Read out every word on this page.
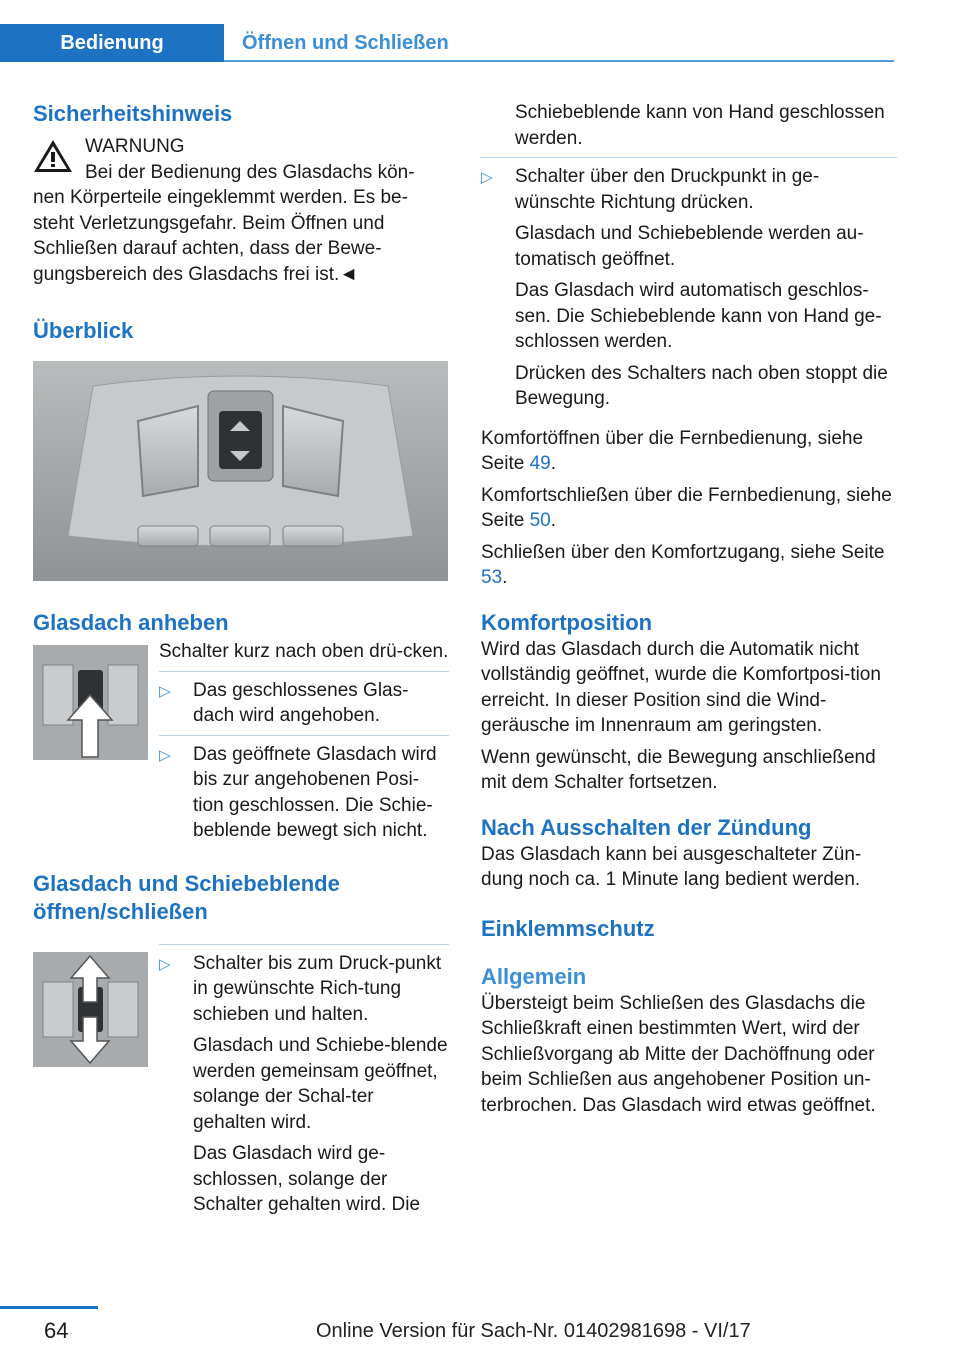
Bedienung	Öffnen und Schließen
Sicherheitshinweis

WARNUNG

Bei der Bedienung des Glasdachs kön-

nen Körperteile eingeklemmt werden. Es be-steht Verletzungsgefahr. Beim Öffnen und Schließen darauf achten, dass der Bewe-gungsbereich des Glasdachs frei ist.◄

Überblick
Glasdach anheben

Schalter kurz nach oben drü-cken.

▷ Das geschlossenes Glas-dach wird angehoben.

▷ Das geöffnete Glasdach wird bis zur angehobenen Posi-tion geschlossen. Die Schie-beblende bewegt sich nicht.

Glasdach und Schiebeblende öffnen/schließen
▷ Schalter bis zum Druck-punkt in gewünschte Rich-tung schieben und halten.

Glasdach und Schiebe-blende werden gemeinsam geöffnet, solange der Schal-ter gehalten wird.

Das Glasdach wird ge-schlossen, solange der Schalter gehalten wird. Die

Schiebeblende kann von Hand geschlossen werden.

▷ Schalter über den Druckpunkt in ge-wünschte Richtung drücken.

Glasdach und Schiebeblende werden au-tomatisch geöffnet.

Das Glasdach wird automatisch geschlos-sen. Die Schiebeblende kann von Hand ge-schlossen werden.

Drücken des Schalters nach oben stoppt die Bewegung.

Komfortöffnen über die Fernbedienung, siehe Seite 49.

Komfortschließen über die Fernbedienung, siehe Seite 50.

Schließen über den Komfortzugang, siehe Seite 53.

Komfortposition

Wird das Glasdach durch die Automatik nicht vollständig geöffnet, wurde die Komfortposi-tion erreicht. In dieser Position sind die Wind-geräusche im Innenraum am geringsten.

Wenn gewünscht, die Bewegung anschließend mit dem Schalter fortsetzen.

Nach Ausschalten der Zündung

Das Glasdach kann bei ausgeschalteter Zün-dung noch ca. 1 Minute lang bedient werden.

Einklemmschutz
Allgemein

Übersteigt beim Schließen des Glasdachs die Schließkraft einen bestimmten Wert, wird der Schließvorgang ab Mitte der Dachöffnung oder beim Schließen aus angehobener Position un-terbrochen. Das Glasdach wird etwas geöffnet.

64	Online Version für Sach-Nr. 01402981698 - VI/17
